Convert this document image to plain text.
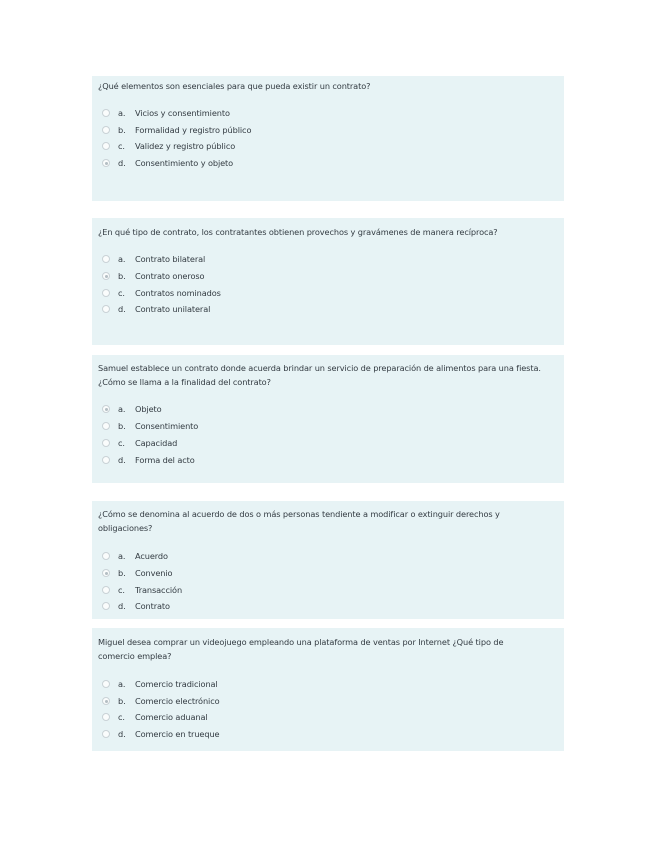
¿Qué elementos son esenciales para que pueda existir un contrato?

a.	Vicios y consentimiento
b.	Formalidad y registro público
c.	Validez y registro público
d.	Consentimiento y objeto

¿En qué tipo de contrato, los contratantes obtienen provechos y gravámenes de manera recíproca?

a.	Contrato bilateral
b.	Contrato oneroso
c.	Contratos nominados
d.	Contrato unilateral

Samuel establece un contrato donde acuerda brindar un servicio de preparación de alimentos para una fiesta.

¿Cómo se llama a la finalidad del contrato?

a.	Objeto
b.	Consentimiento
c.	Capacidad
d.	Forma del acto

¿Cómo se denomina al acuerdo de dos o más personas tendiente a modificar o extinguir derechos y

obligaciones?

a.	Acuerdo
b.	Convenio
c.	Transacción
d.	Contrato

Miguel desea comprar un videojuego empleando una plataforma de ventas por Internet ¿Qué tipo de

comercio emplea?

a.	Comercio tradicional
b.	Comercio electrónico
c.	Comercio aduanal
d.	Comercio en trueque
